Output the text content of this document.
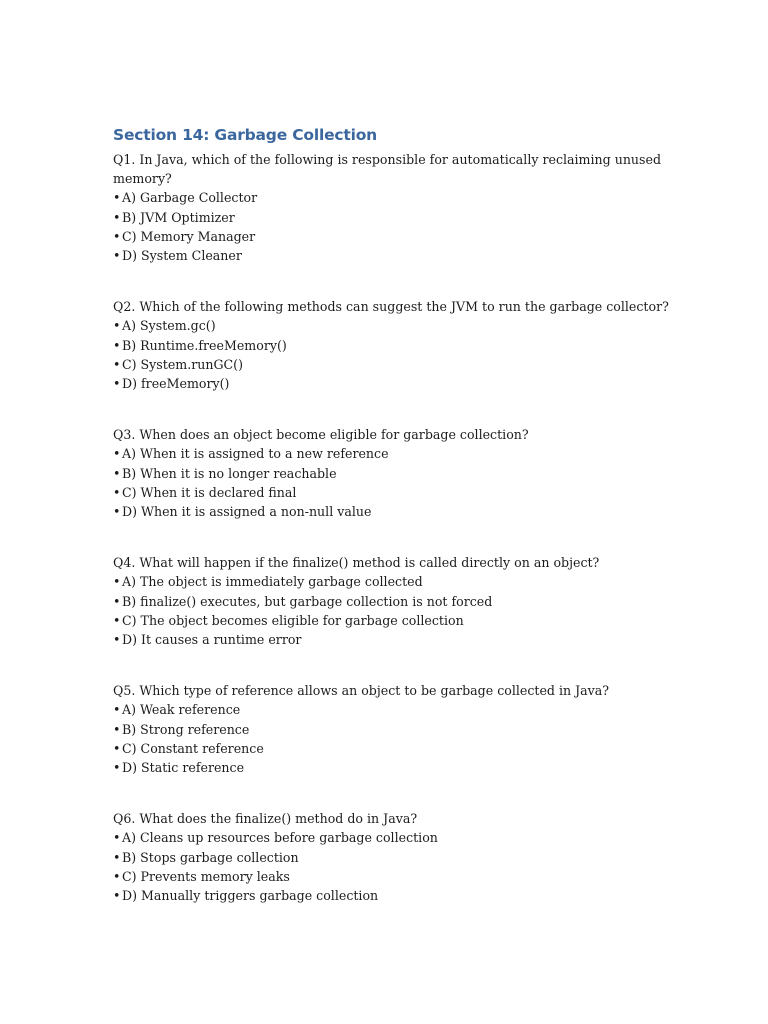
Section 14: Garbage Collection

Q1. In Java, which of the following is responsible for automatically reclaiming unused memory?

• A) Garbage Collector

• B) JVM Optimizer

• C) Memory Manager

• D) System Cleaner

Q2. Which of the following methods can suggest the JVM to run the garbage collector?

• A) System.gc()

• B) Runtime.freeMemory()

• C) System.runGC()

• D) freeMemory()

Q3. When does an object become eligible for garbage collection?

• A) When it is assigned to a new reference

• B) When it is no longer reachable

• C) When it is declared final

• D) When it is assigned a non-null value

Q4. What will happen if the finalize() method is called directly on an object?

• A) The object is immediately garbage collected

• B) finalize() executes, but garbage collection is not forced

• C) The object becomes eligible for garbage collection

• D) It causes a runtime error

Q5. Which type of reference allows an object to be garbage collected in Java?

• A) Weak reference

• B) Strong reference

• C) Constant reference

• D) Static reference

Q6. What does the finalize() method do in Java?

• A) Cleans up resources before garbage collection

• B) Stops garbage collection

• C) Prevents memory leaks

• D) Manually triggers garbage collection
